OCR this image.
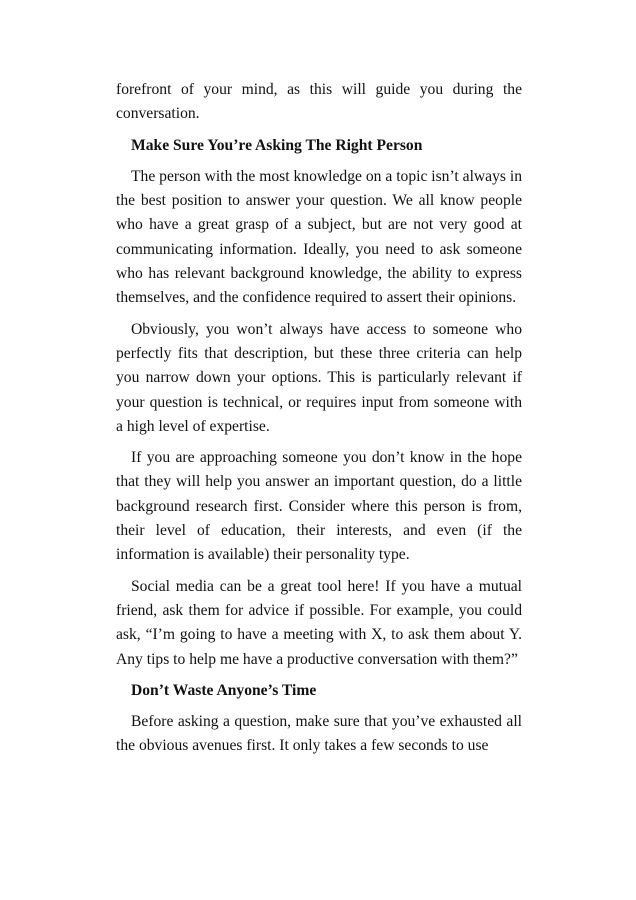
forefront of your mind, as this will guide you during the conversation.

Make Sure You’re Asking The Right Person

The person with the most knowledge on a topic isn’t always in the best position to answer your question. We all know people who have a great grasp of a subject, but are not very good at communicating information. Ideally, you need to ask someone who has relevant background knowledge, the ability to express themselves, and the confidence required to assert their opinions.

Obviously, you won’t always have access to someone who perfectly fits that description, but these three criteria can help you narrow down your options. This is particularly relevant if your question is technical, or requires input from someone with a high level of expertise.

If you are approaching someone you don’t know in the hope that they will help you answer an important question, do a little background research first. Consider where this person is from, their level of education, their interests, and even (if the information is available) their personality type.

Social media can be a great tool here! If you have a mutual friend, ask them for advice if possible. For example, you could ask, “I’m going to have a meeting with X, to ask them about Y. Any tips to help me have a productive conversation with them?”

Don’t Waste Anyone’s Time

Before asking a question, make sure that you’ve exhausted all the obvious avenues first. It only takes a few seconds to use
